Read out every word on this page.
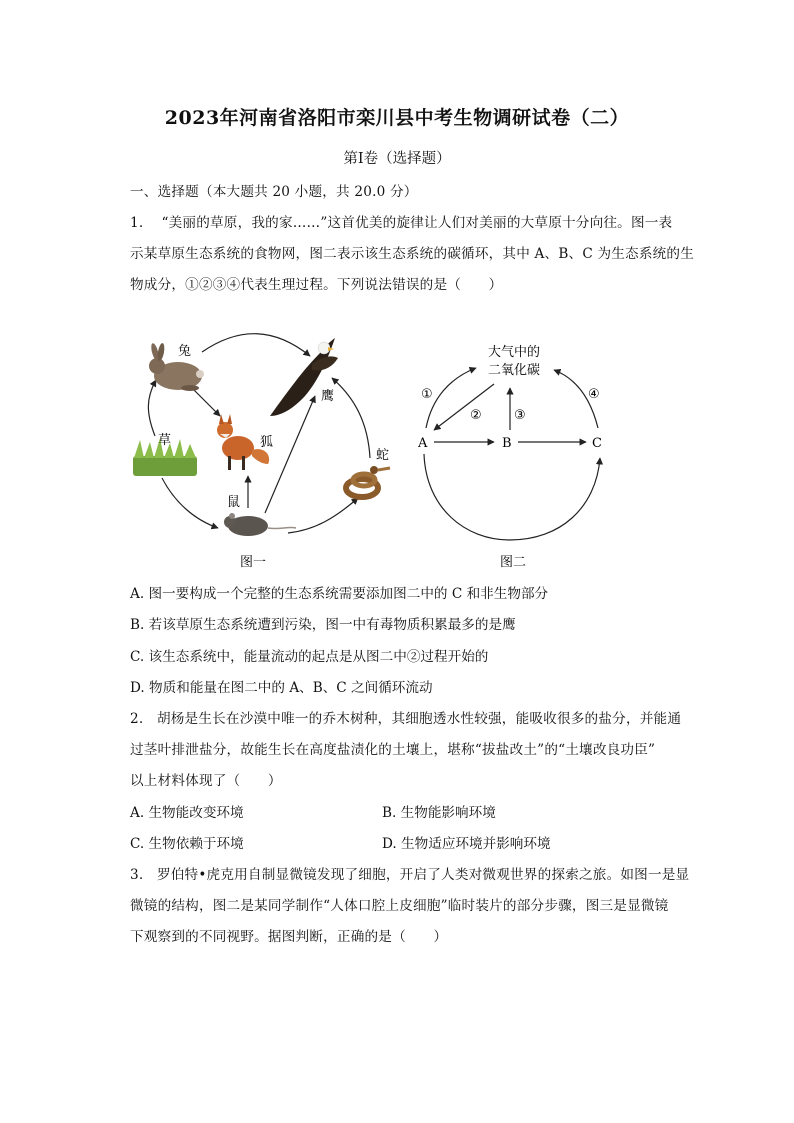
2023年河南省洛阳市栾川县中考生物调研试卷（二）
第I卷（选择题）
一、选择题（本大题共 20 小题，共 20.0 分）
1. “美丽的草原，我的家……”这首优美的旋律让人们对美丽的大草原十分向往。图一表
示某草原生态系统的食物网，图二表示该生态系统的碳循环，其中 A、B、C 为生态系统的生
物成分，①②③④代表生理过程。下列说法错误的是（　　）
兔
鹰
草	狐
鼠
蛇
图一
大气中的
二氧化碳
A	B	C
①
② ③
④
图二
A. 图一要构成一个完整的生态系统需要添加图二中的 C 和非生物部分
B. 若该草原生态系统遭到污染，图一中有毒物质积累最多的是鹰
C. 该生态系统中，能量流动的起点是从图二中②过程开始的
D. 物质和能量在图二中的 A、B、C 之间循环流动
2. 胡杨是生长在沙漠中唯一的乔木树种，其细胞透水性较强，能吸收很多的盐分，并能通
过茎叶排泄盐分，故能生长在高度盐渍化的土壤上，堪称“拔盐改土”的“土壤改良功臣”
以上材料体现了（　　）
A. 生物能改变环境	B. 生物能影响环境
C. 生物依赖于环境	D. 生物适应环境并影响环境
3. 罗伯特•虎克用自制显微镜发现了细胞，开启了人类对微观世界的探索之旅。如图一是显
微镜的结构，图二是某同学制作“人体口腔上皮细胞”临时装片的部分步骤，图三是显微镜
下观察到的不同视野。据图判断，正确的是（　　）
